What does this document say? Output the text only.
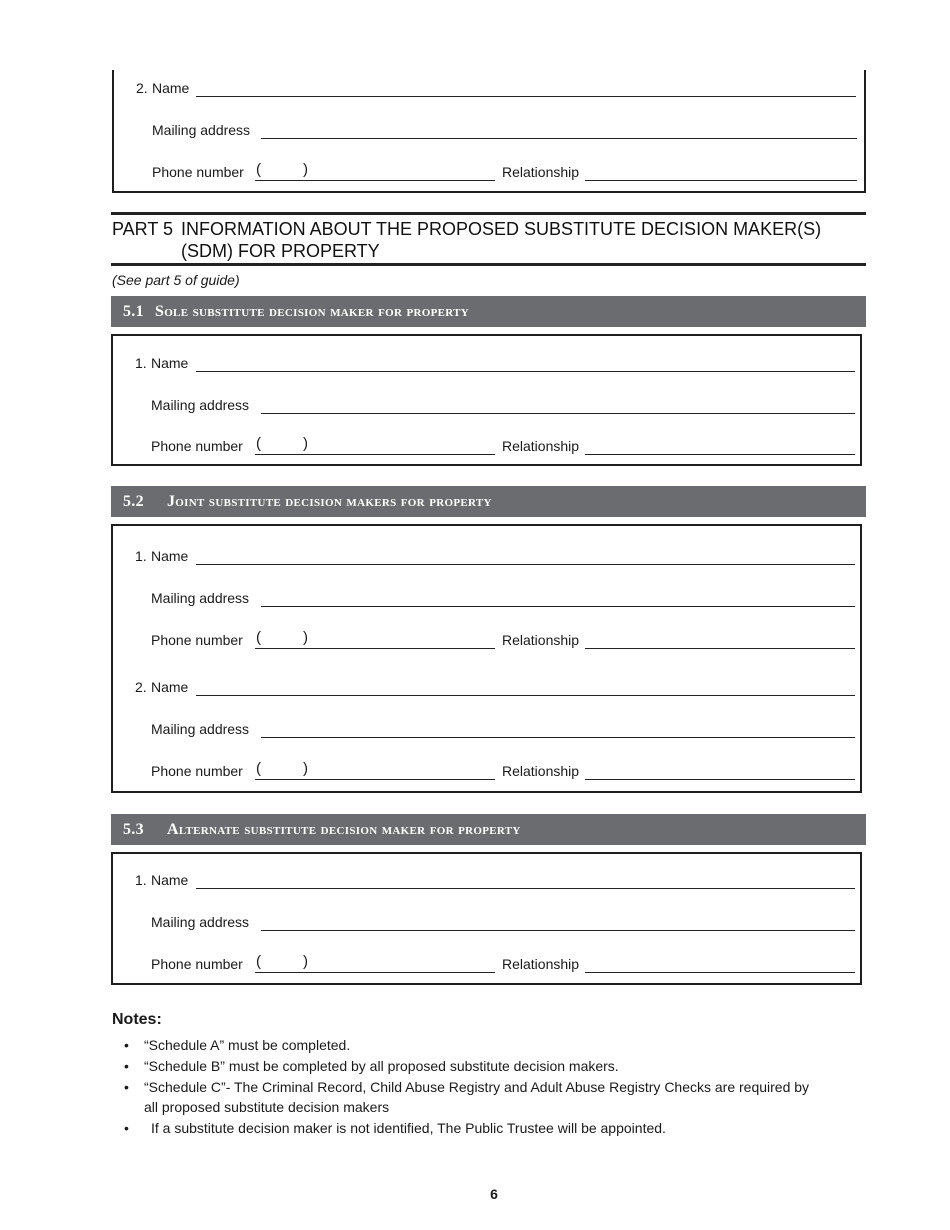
2. Name
Mailing address
Phone number (	)	Relationship
PART 5 INFORMATION ABOUT THE PROPOSED SUBSTITUTE DECISION MAKER(S) (SDM) FOR PROPERTY
(See part 5 of guide)
5.1 Sole substitute decision maker for property
1. Name
Mailing address
Phone number (	)	Relationship
5.2 Joint substitute decision makers for property
1. Name
Mailing address
Phone number (	)	Relationship
2. Name
Mailing address
Phone number (	)	Relationship
5.3 Alternate substitute decision maker for property
1. Name
Mailing address
Phone number (	)	Relationship
Notes:
• “Schedule A” must be completed.
• “Schedule B” must be completed by all proposed substitute decision makers.
• “Schedule C”- The Criminal Record, Child Abuse Registry and Adult Abuse Registry Checks are required by all proposed substitute decision makers
• If a substitute decision maker is not identified, The Public Trustee will be appointed.
6
